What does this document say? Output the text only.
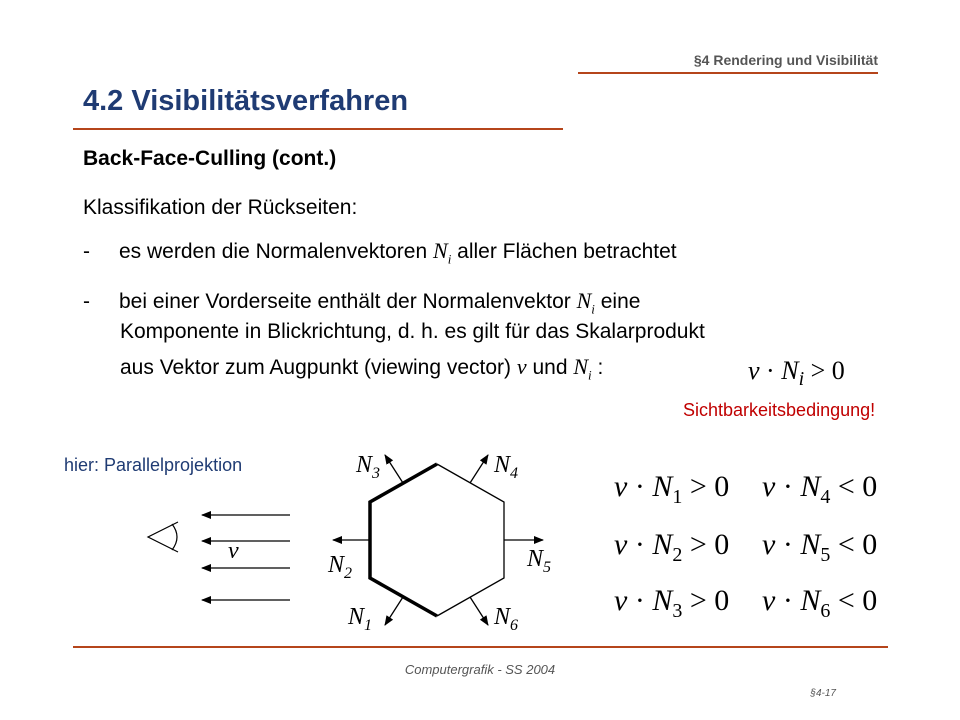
§4 Rendering und Visibilität
4.2 Visibilitätsverfahren
Back-Face-Culling (cont.)
Klassifikation der Rückseiten:
- es werden die Normalenvektoren $N_i$ aller Flächen betrachtet
- bei einer Vorderseite enthält der Normalenvektor $N_i$ eine
Komponente in Blickrichtung, d. h. es gilt für das Skalarprodukt
aus Vektor zum Augpunkt (viewing vector) v und $N_i$ :	$v \cdot N_i > 0$
Sichtbarkeitsbedingung!
hier: Parallelprojektion
v
$N_1$
$N_2$
$N_3$	$N_4$
$N_5$
$N_6$
$v \cdot N_1 > 0$ $v \cdot N_4 < 0$
$v \cdot N_2 > 0$ $v \cdot N_5 < 0$
$v \cdot N_3 > 0$ $v \cdot N_6 < 0$
Computergrafik - SS 2004
§4-17
